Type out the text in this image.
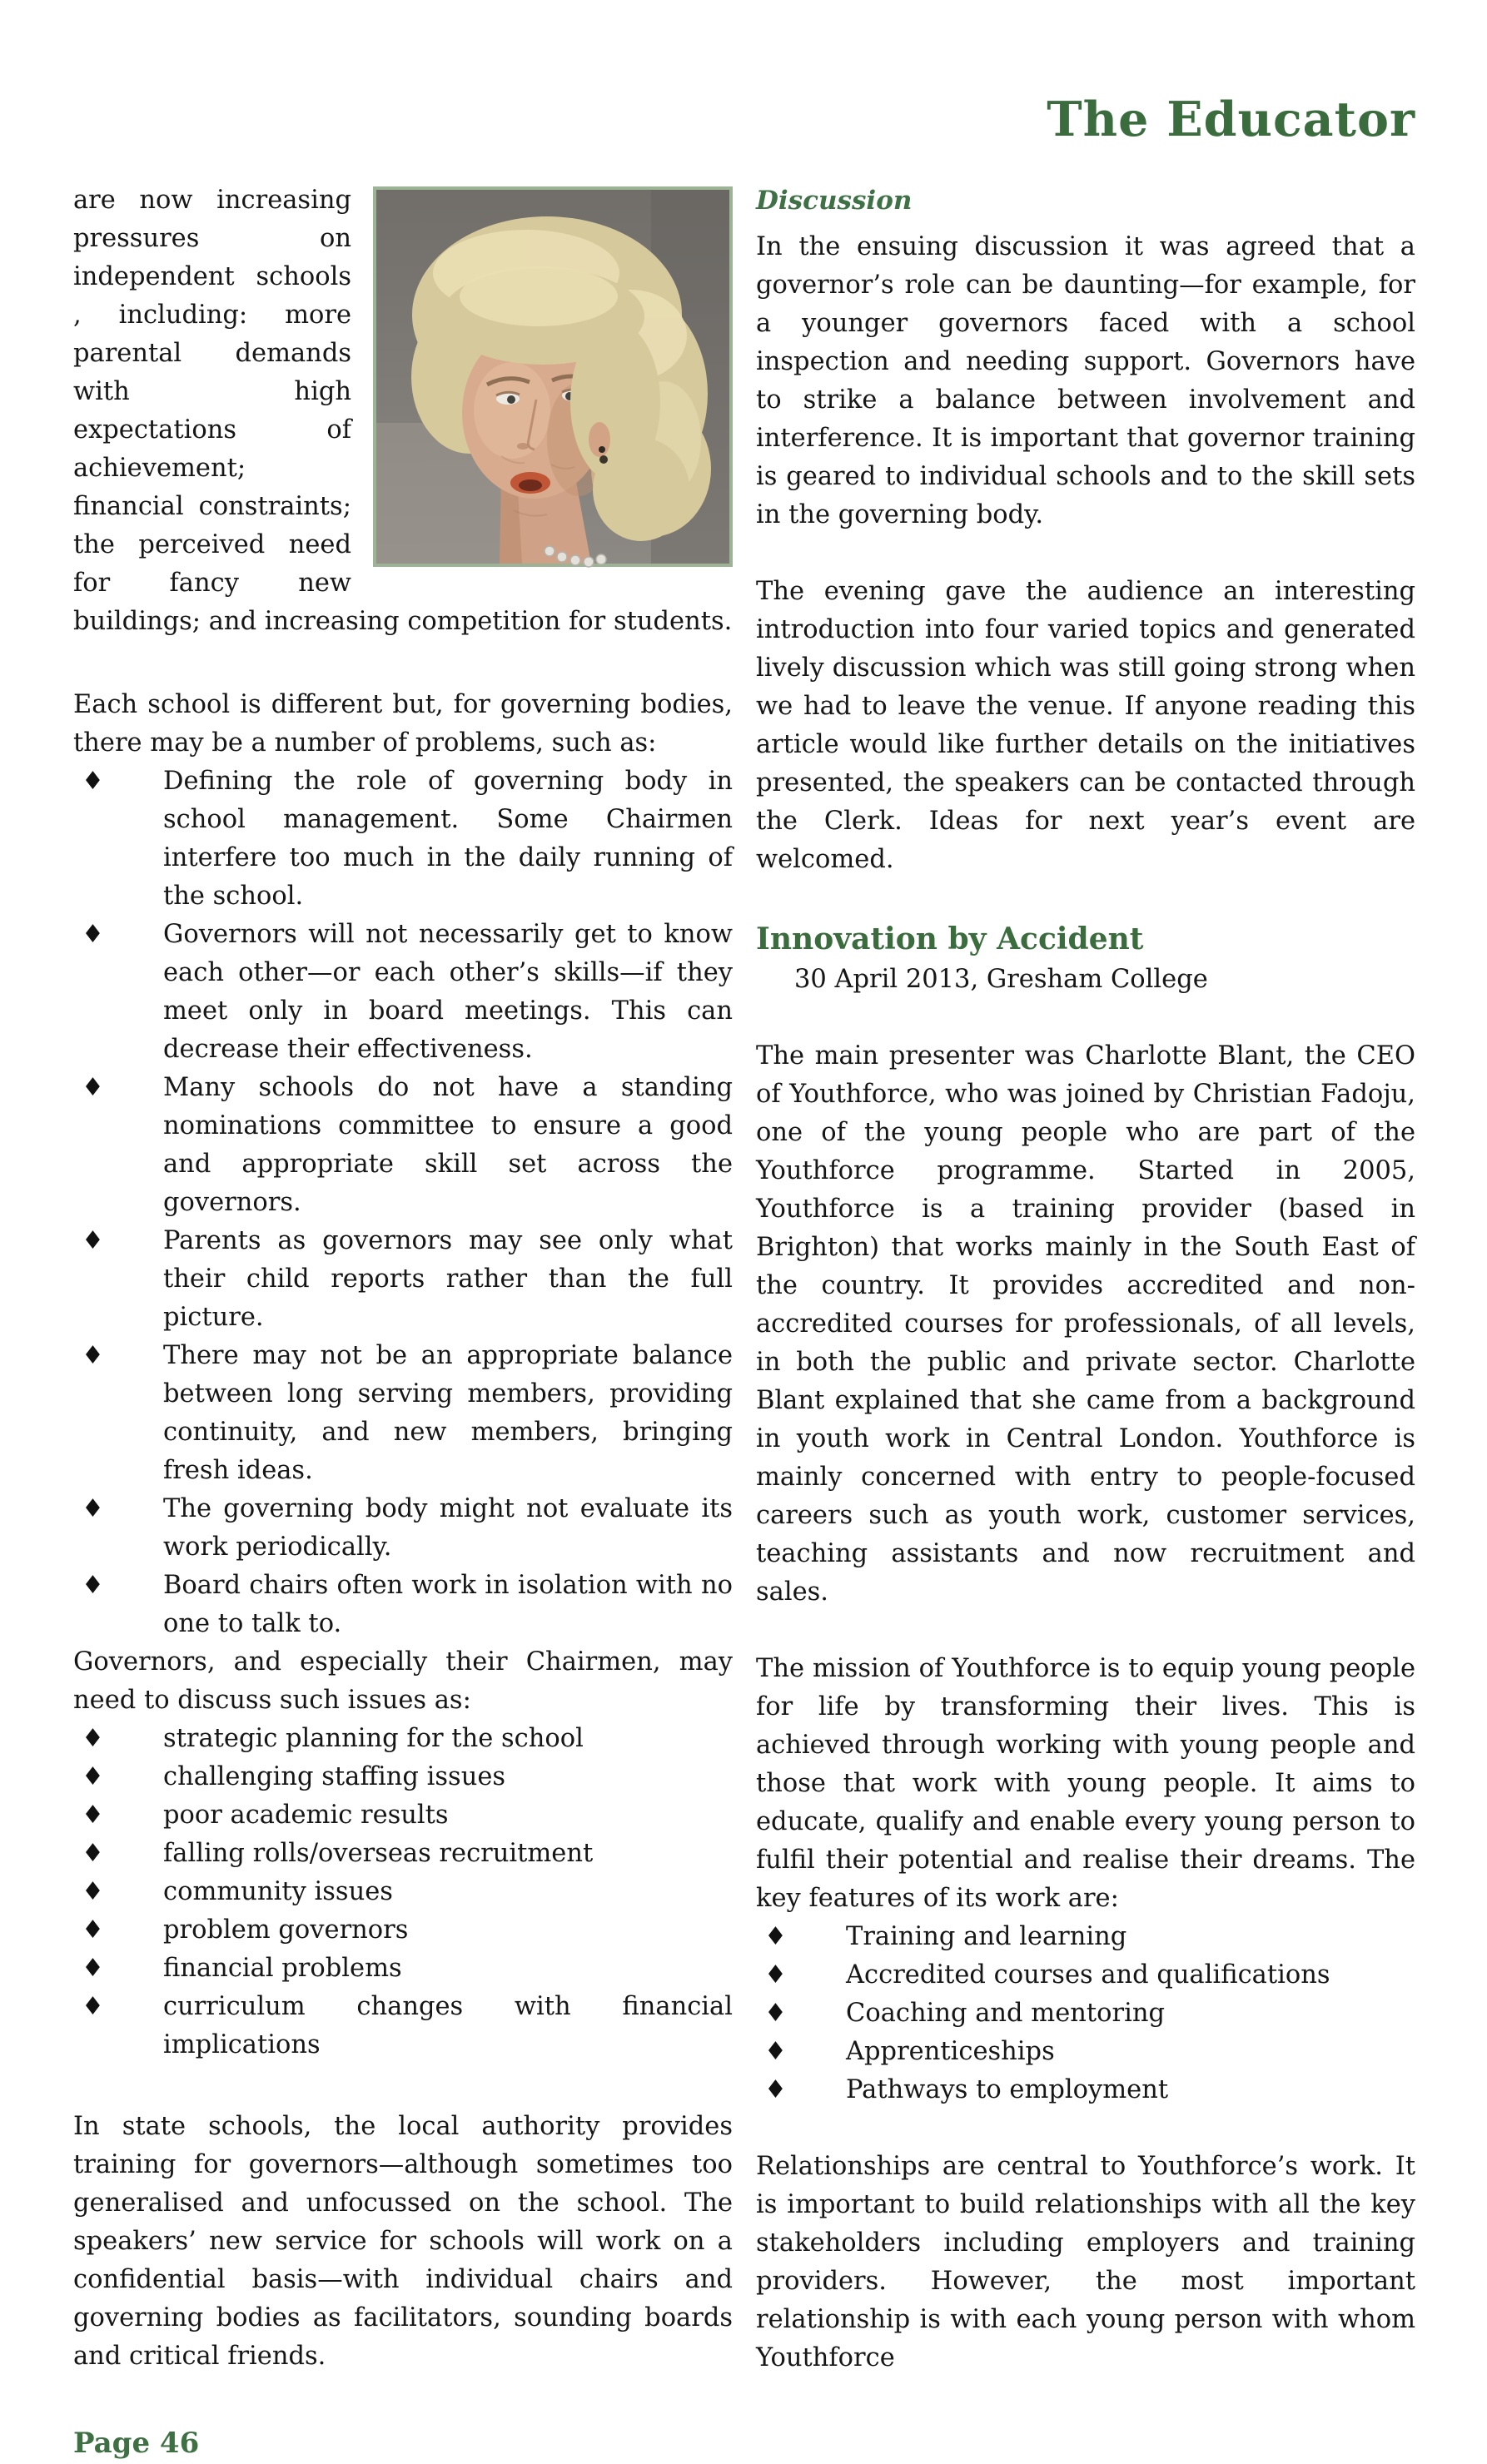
The Educator

are now increasing pressures on independent schools , including: more parental demands with high expectations of achievement; financial constraints; the perceived need for fancy new buildings; and increasing competition for students.

Each school is different but, for governing bodies, there may be a number of problems, such as:

♦ Defining the role of governing body in school management. Some Chairmen interfere too much in the daily running of the school.
♦ Governors will not necessarily get to know each other—or each other’s skills—if they meet only in board meetings. This can decrease their effectiveness.
♦ Many schools do not have a standing nominations committee to ensure a good and appropriate skill set across the governors.
♦ Parents as governors may see only what their child reports rather than the full picture.
♦ There may not be an appropriate balance between long serving members, providing continuity, and new members, bringing fresh ideas.
♦ The governing body might not evaluate its work periodically.
♦ Board chairs often work in isolation with no one to talk to.

Governors, and especially their Chairmen, may need to discuss such issues as:

♦ strategic planning for the school
♦ challenging staffing issues
♦ poor academic results
♦ falling rolls/overseas recruitment
♦ community issues
♦ problem governors
♦ financial problems
♦ curriculum changes with financial implications

In state schools, the local authority provides training for governors—although sometimes too generalised and unfocussed on the school. The speakers’ new service for schools will work on a confidential basis—with individual chairs and governing bodies as facilitators, sounding boards and critical friends.

Page 46
Discussion

In the ensuing discussion it was agreed that a governor’s role can be daunting—for example, for a younger governors faced with a school inspection and needing support. Governors have to strike a balance between involvement and interference. It is important that governor training is geared to individual schools and to the skill sets in the governing body.

The evening gave the audience an interesting introduction into four varied topics and generated lively discussion which was still going strong when we had to leave the venue. If anyone reading this article would like further details on the initiatives presented, the speakers can be contacted through the Clerk. Ideas for next year’s event are welcomed.

Innovation by Accident

30 April 2013, Gresham College

The main presenter was Charlotte Blant, the CEO of Youthforce, who was joined by Christian Fadoju, one of the young people who are part of the Youthforce programme. Started in 2005, Youthforce is a training provider (based in Brighton) that works mainly in the South East of the country. It provides accredited and non-accredited courses for professionals, of all levels, in both the public and private sector. Charlotte Blant explained that she came from a background in youth work in Central London. Youthforce is mainly concerned with entry to people-focused careers such as youth work, customer services, teaching assistants and now recruitment and sales.

The mission of Youthforce is to equip young people for life by transforming their lives. This is achieved through working with young people and those that work with young people. It aims to educate, qualify and enable every young person to fulfil their potential and realise their dreams. The key features of its work are:

♦ Training and learning
♦ Accredited courses and qualifications
♦ Coaching and mentoring
♦ Apprenticeships
♦ Pathways to employment

Relationships are central to Youthforce’s work. It is important to build relationships with all the key stakeholders including employers and training providers. However, the most important relationship is with each young person with whom Youthforce
